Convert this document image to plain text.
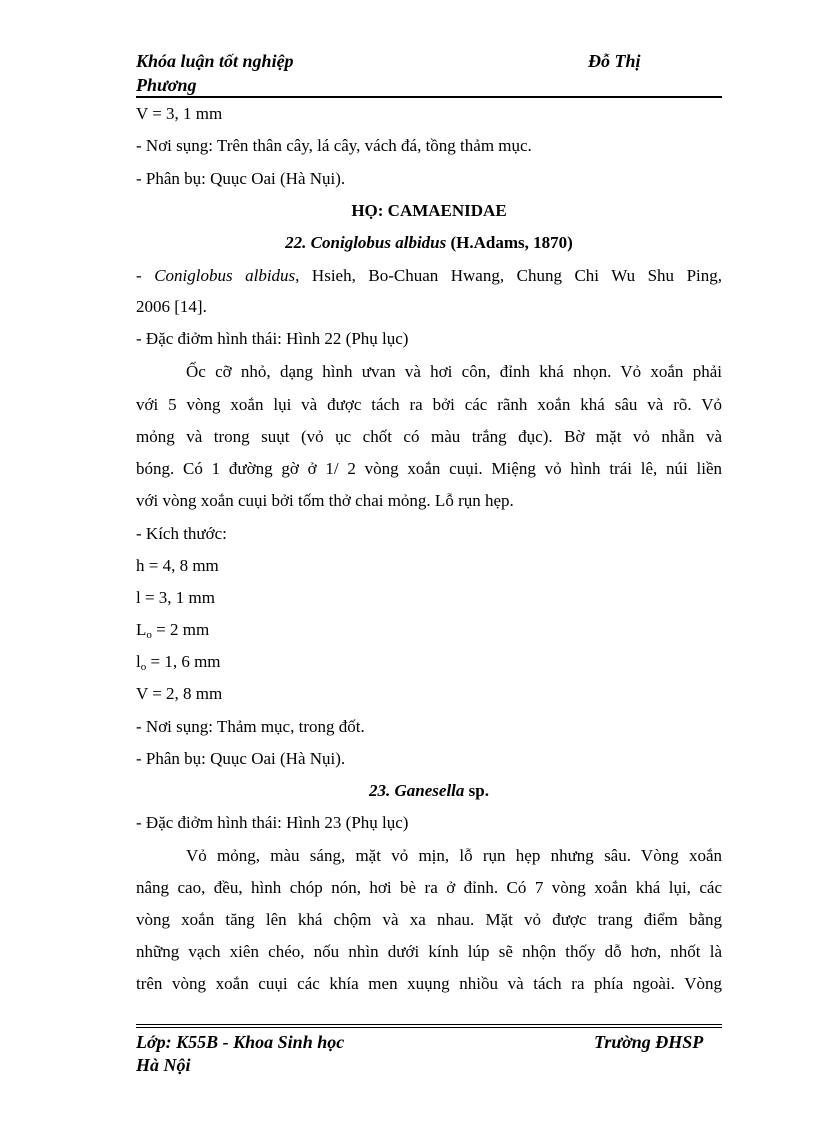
Khóa luận tốt nghiệp	Đỗ Thị
Phương
V = 3, 1 mm
- Nơi sụng: Trên thân cây, lá cây, vách đá, tồng thảm mục.
- Phân bụ: Quục Oai (Hà Nụi).
HỌ: CAMAENIDAE
22. Coniglobus albidus (H.Adams, 1870)
- Coniglobus albidus, Hsieh, Bo-Chuan Hwang, Chung Chi Wu Shu Ping,
2006 [14].
- Đặc điởm hình thái: Hình 22 (Phụ lục)
Ốc cỡ nhỏ, dạng hình ưvan và hơi côn, đỉnh khá nhọn. Vỏ xoắn phải
với 5 vòng xoắn lụi và được tách ra bởi các rãnh xoắn khá sâu và rõ. Vỏ
mỏng và trong suụt (vỏ ục chốt có màu trắng đục). Bờ mặt vỏ nhẵn và
bóng. Có 1 đường gờ ở 1/ 2 vòng xoắn cuụi. Miệng vỏ hình trái lê, núi liền
với vòng xoắn cuụi bởi tốm thở chai mỏng. Lỗ rụn hẹp.
- Kích thước:
h = 4, 8 mm
l = 3, 1 mm
$L_o = 2$ mm
$l_o = 1$, 6 mm
V = 2, 8 mm
- Nơi sụng: Thảm mục, trong đốt.
- Phân bụ: Quục Oai (Hà Nụi).
23. Ganesella sp.
- Đặc điởm hình thái: Hình 23 (Phụ lục)
Vỏ mỏng, màu sáng, mặt vỏ mịn, lỗ rụn hẹp nhưng sâu. Vòng xoắn
nâng cao, đều, hình chóp nón, hơi bè ra ở đỉnh. Có 7 vòng xoắn khá lụi, các
vòng xoắn tăng lên khá chộm và xa nhau. Mặt vỏ được trang điểm bằng
những vạch xiên chéo, nốu nhìn dưới kính lúp sẽ nhộn thốy dỗ hơn, nhốt là
trên vòng xoắn cuụi các khía men xuụng nhiồu và tách ra phía ngoài. Vòng
Lớp: K55B - Khoa Sinh học	Trường ĐHSP
Hà Nội
